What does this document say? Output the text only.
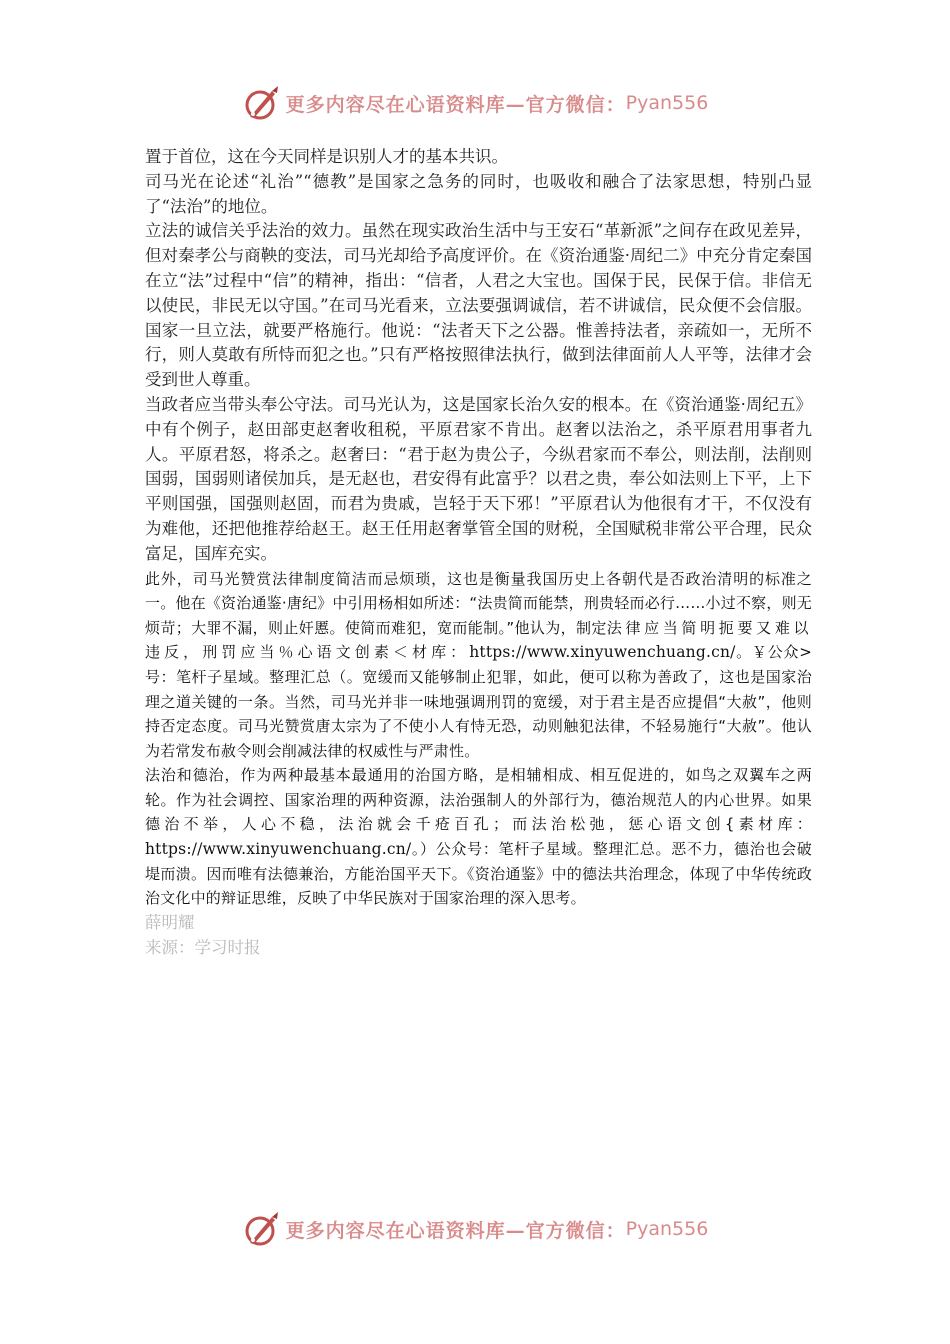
更多内容尽在心语资料库—官方微信： Pyan556

置于首位，这在今天同样是识别人才的基本共识。

司马光在论述“礼治”“德教”是国家之急务的同时，也吸收和融合了法家思想，特别凸显了“法治”的地位。

立法的诚信关乎法治的效力。虽然在现实政治生活中与王安石“革新派”之间存在政见差异，但对秦孝公与商鞅的变法，司马光却给予高度评价。在《资治通鉴·周纪二》中充分肯定秦国在立“法”过程中“信”的精神，指出：“信者，人君之大宝也。国保于民，民保于信。非信无以使民，非民无以守国。”在司马光看来，立法要强调诚信，若不讲诚信，民众便不会信服。国家一旦立法，就要严格施行。他说：“法者天下之公器。惟善持法者，亲疏如一，无所不行，则人莫敢有所恃而犯之也。”只有严格按照律法执行，做到法律面前人人平等，法律才会受到世人尊重。

当政者应当带头奉公守法。司马光认为，这是国家长治久安的根本。在《资治通鉴·周纪五》中有个例子，赵田部吏赵奢收租税，平原君家不肯出。赵奢以法治之，杀平原君用事者九人。平原君怒，将杀之。赵奢曰：“君于赵为贵公子，今纵君家而不奉公，则法削，法削则国弱，国弱则诸侯加兵，是无赵也，君安得有此富乎？以君之贵，奉公如法则上下平，上下平则国强，国强则赵固，而君为贵戚，岂轻于天下邪！”平原君认为他很有才干，不仅没有为难他，还把他推荐给赵王。赵王任用赵奢掌管全国的财税，全国赋税非常公平合理，民众富足，国库充实。

此外，司马光赞赏法律制度简洁而忌烦琐，这也是衡量我国历史上各朝代是否政治清明的标准之一。他在《资治通鉴·唐纪》中引用杨相如所述：“法贵简而能禁，刑贵轻而必行……小过不察，则无烦苛；大罪不漏，则止奸慝。使简而难犯，宽而能制。”他认为，制定法律应当简明扼要又难以违反，刑罚应当％心语文创素＜材库：https://www.xinyuwenchuang.cn/。￥公众>号：笔杆子星域。整理汇总（。宽缓而又能够制止犯罪，如此，便可以称为善政了，这也是国家治理之道关键的一条。当然，司马光并非一味地强调刑罚的宽缓，对于君主是否应提倡“大赦”，他则持否定态度。司马光赞赏唐太宗为了不使小人有恃无恐，动则触犯法律，不轻易施行“大赦”。他认为若常发布赦令则会削减法律的权威性与严肃性。

法治和德治，作为两种最基本最通用的治国方略，是相辅相成、相互促进的，如鸟之双翼车之两轮。作为社会调控、国家治理的两种资源，法治强制人的外部行为，德治规范人的内心世界。如果德治不举，人心不稳，法治就会千疮百孔；而法治松弛，惩心语文创{素材库：https://www.xinyuwenchuang.cn/。）公众号：笔杆子星域。整理汇总。恶不力，德治也会破堤而溃。因而唯有法德兼治，方能治国平天下。《资治通鉴》中的德法共治理念，体现了中华传统政治文化中的辩证思维，反映了中华民族对于国家治理的深入思考。

薛明耀

来源：学习时报

更多内容尽在心语资料库—官方微信： Pyan556
